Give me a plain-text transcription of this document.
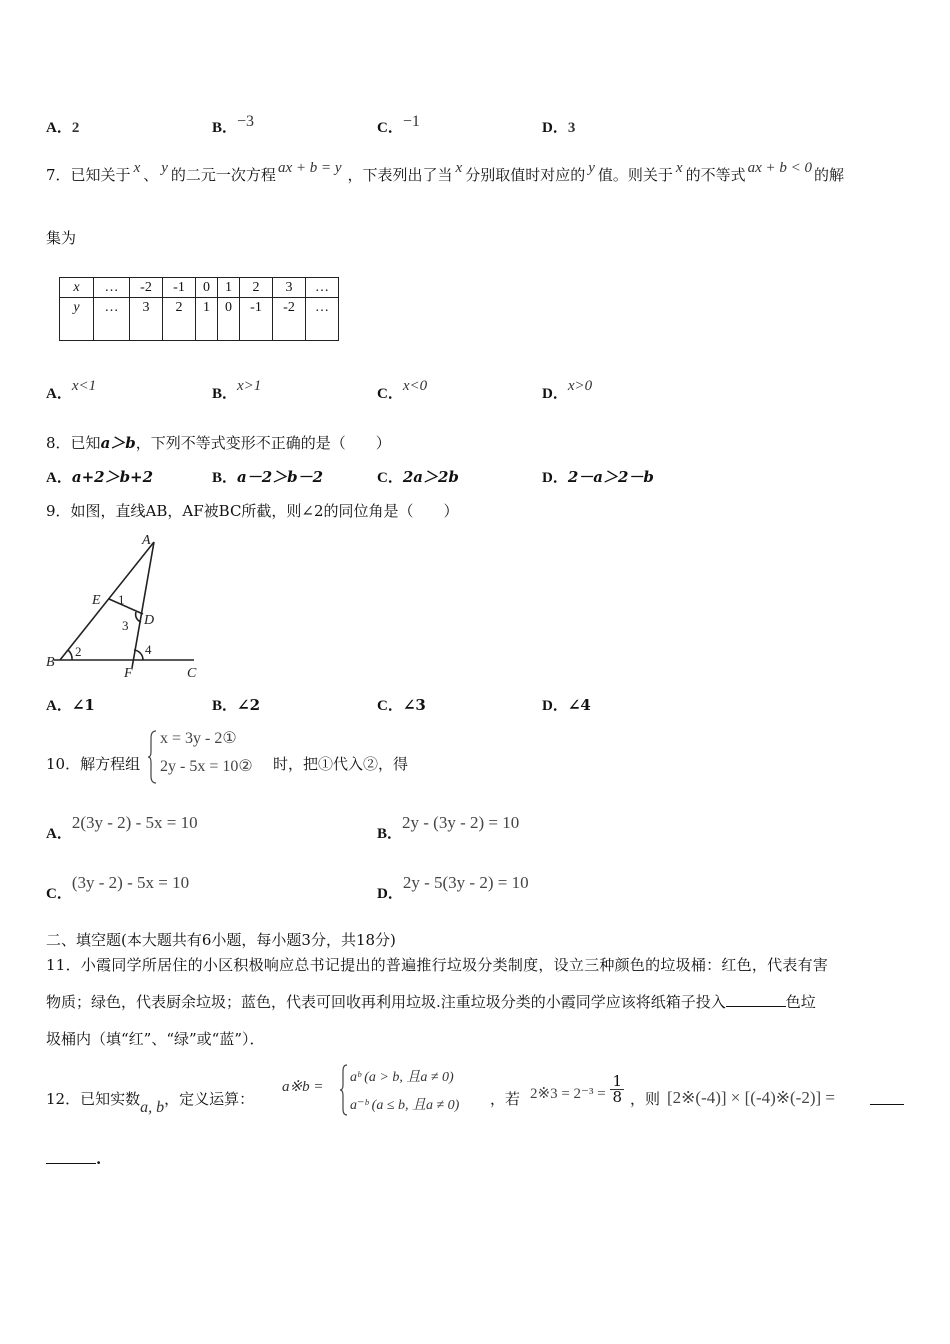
A．2	B．−3	C．−1	D．3
7．已知关于 x 、 y 的二元一次方程 ax + b = y ，下表列出了当 x 分别取值时对应的 y 值。则关于 x 的不等式 ax + b < 0 的解
集为
x	…	-2	-1	0	1	2	3	…
y	…	3	2	1	0	-1	-2	…
A．x<1	B．x>1	C．x<0	D．x>0
8．已知a＞b，下列不等式变形不正确的是（　　）
A．a+2＞b+2	B．a－2＞b－2	C．2a＞2b	D．2－a＞2－b
9．如图，直线AB，AF被BC所截，则∠2的同位角是（　　）
A
E
D
B
F	C
1
2
3
4
A．∠1	B．∠2	C．∠3	D．∠4
10．解方程组
x = 3y - 2①
2y - 5x = 10② 时，把①代入②，得
A．2(3y - 2) - 5x = 10
B．2y - (3y - 2) = 10
C．(3y - 2) - 5x = 10
D．2y - 5(3y - 2) = 10
二、填空题(本大题共有6小题，每小题3分，共18分)
11．小霞同学所居住的小区积极响应总书记提出的普遍推行垃圾分类制度，设立三种颜色的垃圾桶：红色，代表有害
物质；绿色，代表厨余垃圾；蓝色，代表可回收再利用垃圾.注重垃圾分类的小霞同学应该将纸箱子投入	色垃
圾桶内（填“红”、“绿”或“蓝”）．
12．已知实数a, b，定义运算：
a※b =
aᵇ (a > b, 且a ≠ 0)
a⁻ᵇ (a ≤ b, 且a ≠ 0) ，若 2※3 = $2^{-3} = \frac{1}{8}$ ，则 [2※(-4)] × [(-4)※(-2)] =
.
